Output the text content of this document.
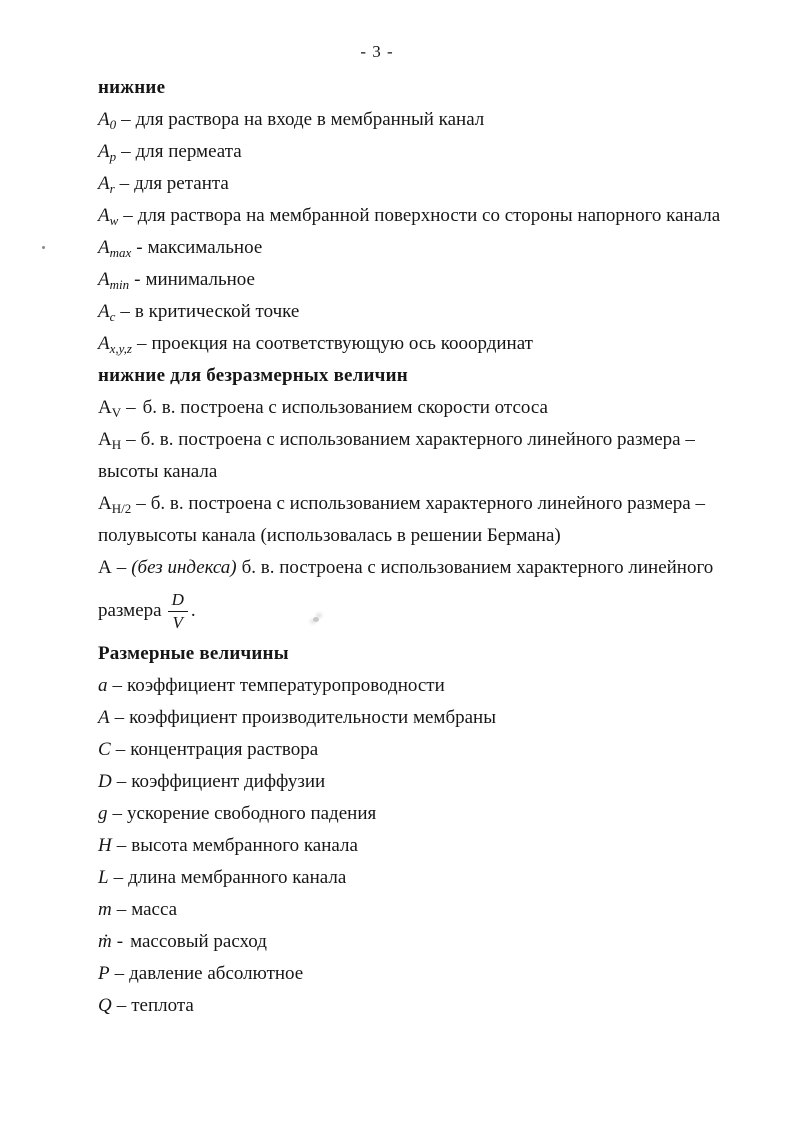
- 3 -

нижние

$A_0$ – для раствора на входе в мембранный канал

$A_p$ – для пермеата

$A_r$ – для ретанта

$A_w$ – для раствора на мембранной поверхности со стороны напорного канала

$A_{max}$ - максимальное

$A_{min}$ - минимальное

$A_c$ – в критической точке

$A_{x,y,z}$ – проекция на соответствующую ось кооординат

нижние для безразмерных величин

$А_V$ – б. в. построена с использованием скорости отсоса

$А_H$ – б. в. построена с использованием характерного линейного размера –

высоты канала

$А_{H/2}$ – б. в. построена с использованием характерного линейного размера –

полувысоты канала (использовалась в решении Бермана)

А – (без индекса) б. в. построена с использованием характерного линейного

размера $\frac{D}{V}$ .

Размерные величины

a – коэффициент температуропроводности

A – коэффициент производительности мембраны

C – концентрация раствора

D – коэффициент диффузии

g – ускорение свободного падения

H – высота мембранного канала

L – длина мембранного канала

m – масса

ṁ - массовый расход

P – давление абсолютное

Q – теплота
